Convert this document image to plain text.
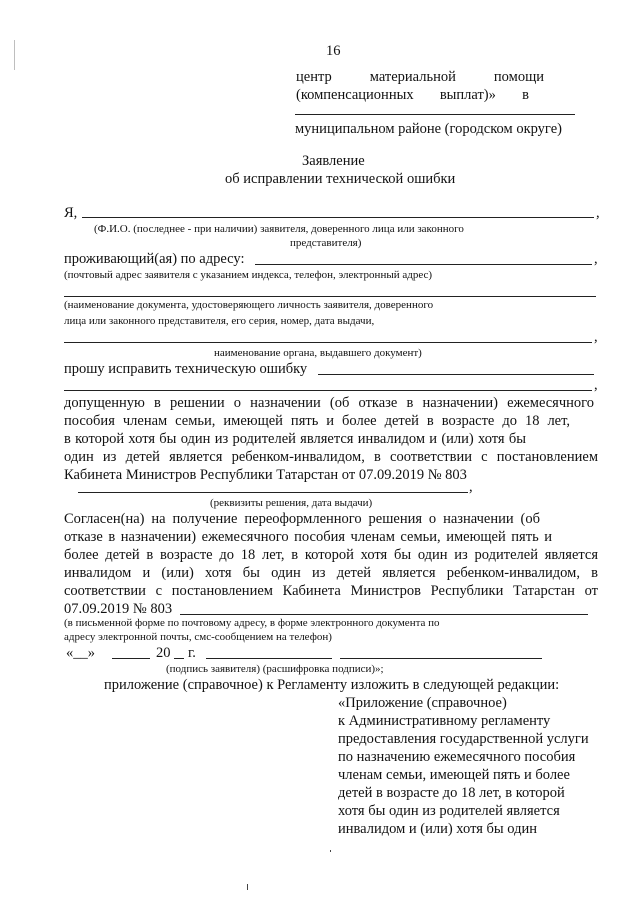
16
центр	материальной	помощи
(компенсационных выплат)» в
муниципальном районе (городском округе)
Заявление
об исправлении технической ошибки
Я,	,
(Ф.И.О. (последнее - при наличии) заявителя, доверенного лица или законного
представителя)
проживающий(ая) по адресу:	,
(почтовый адрес заявителя с указанием индекса, телефон, электронный адрес)
(наименование документа, удостоверяющего личность заявителя, доверенного
лица или законного представителя, его серия, номер, дата выдачи,
,
наименование органа, выдавшего документ)
прошу исправить техническую ошибку
,
допущенную в решении о назначении (об отказе в назначении) ежемесячного
пособия членам семьи, имеющей пять и более детей в возрасте до 18 лет,
в которой хотя бы один из родителей является инвалидом и (или) хотя бы
один из детей является ребенком-инвалидом, в соответствии с постановлением
Кабинета Министров Республики Татарстан от 07.09.2019 № 803
,
(реквизиты решения, дата выдачи)
Согласен(на) на получение переоформленного решения о назначении (об
отказе в назначении) ежемесячного пособия членам семьи, имеющей пять и
более детей в возрасте до 18 лет, в которой хотя бы один из родителей является
инвалидом и (или) хотя бы один из детей является ребенком-инвалидом, в
соответствии с постановлением Кабинета Министров Республики Татарстан от
07.09.2019 № 803
(в письменной форме по почтовому адресу, в форме электронного документа по
адресу электронной почты, смс-сообщением на телефон)
«__»	20 г.
(подпись заявителя) (расшифровка подписи)»;
приложение (справочное) к Регламенту изложить в следующей редакции:
«Приложение (справочное)
к Административному регламенту
предоставления государственной услуги
по назначению ежемесячного пособия
членам семьи, имеющей пять и более
детей в возрасте до 18 лет, в которой
хотя бы один из родителей является
инвалидом и (или) хотя бы один
